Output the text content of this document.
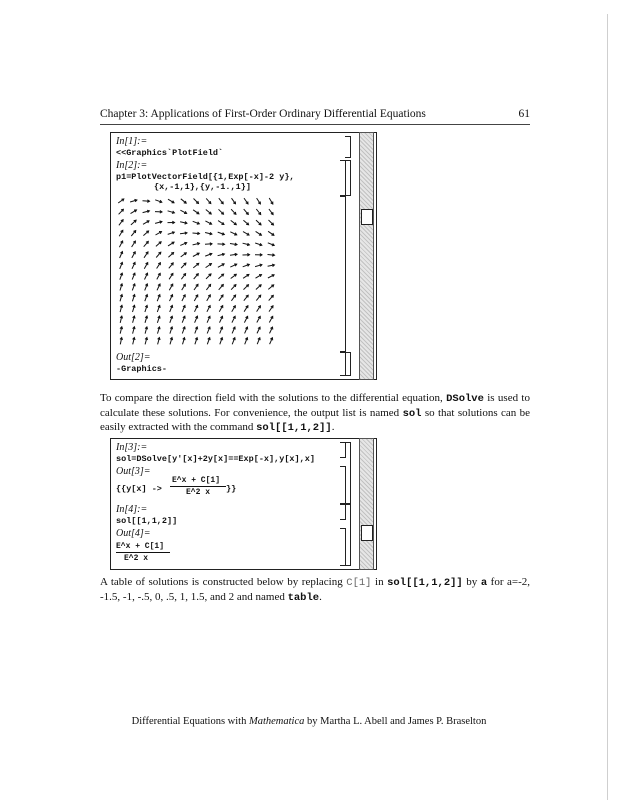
Chapter 3: Applications of First-Order Ordinary Differential Equations	61
In[1]:=
<<Graphics`PlotField`
In[2]:=
p1=PlotVectorField[{1,Exp[-x]-2 y},
{x,-1,1},{y,-1.,1}]
Out[2]=
-Graphics-
To compare the direction field with the solutions to the differential equation, DSolve is used to calculate these solutions. For convenience, the output list is named sol so that solutions can be easily extracted with the command sol[[1,1,2]].
In[3]:=
sol=DSolve[y'[x]+2y[x]==Exp[-x],y[x],x]
Out[3]=
{{y[x] ->
E^x + C[1]
E^2 x }}
In[4]:=
sol[[1,1,2]]
Out[4]=
E^x + C[1]
E^2 x
A table of solutions is constructed below by replacing C[1] in sol[[1,1,2]] by a for a=-2, -1.5, -1, -.5, 0, .5, 1, 1.5, and 2 and named table.
Differential Equations with Mathematica by Martha L. Abell and James P. Braselton
